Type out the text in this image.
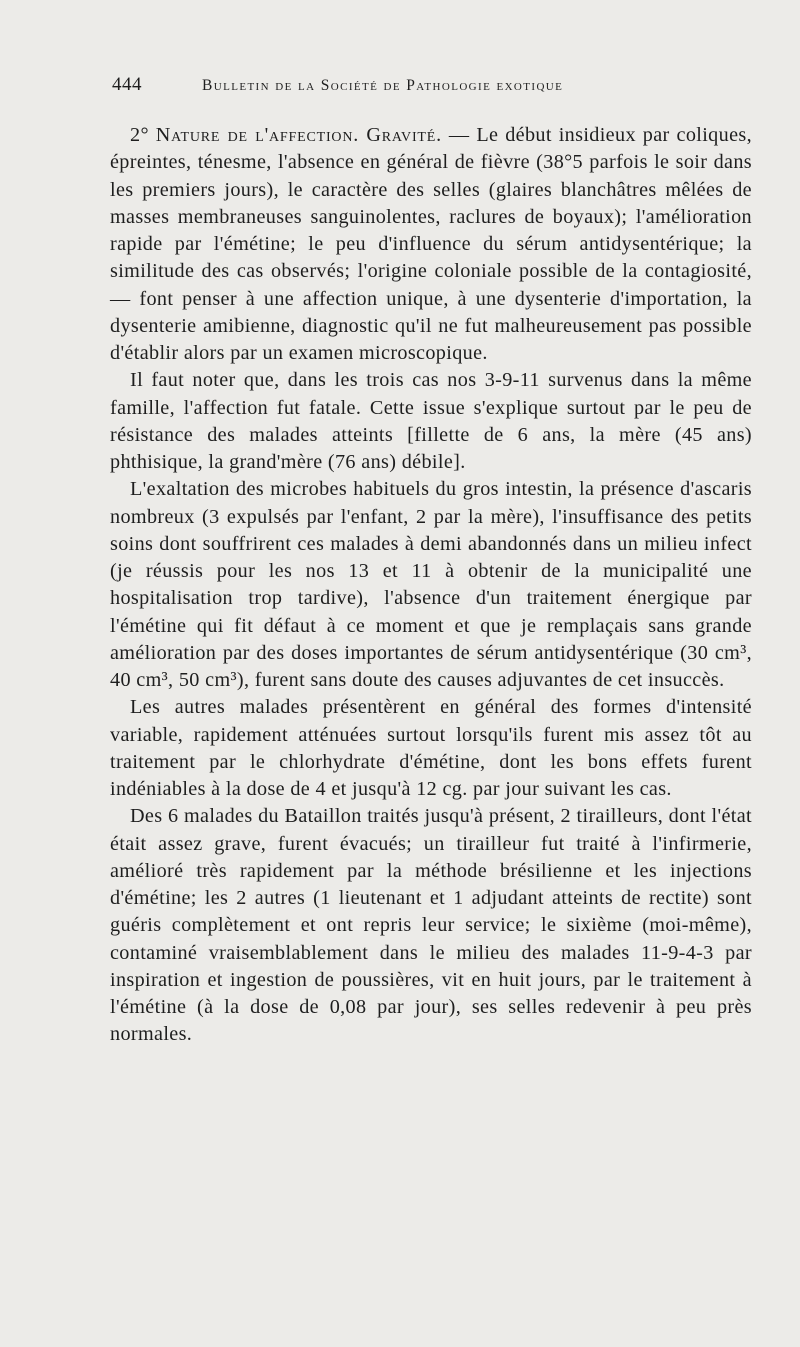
444	Bulletin de la Société de Pathologie exotique

2° Nature de l'affection. Gravité. — Le début insidieux par coliques, épreintes, ténesme, l'absence en général de fièvre (38°5 parfois le soir dans les premiers jours), le caractère des selles (glaires blanchâtres mêlées de masses membraneuses sanguinolentes, raclures de boyaux); l'amélioration rapide par l'émétine; le peu d'influence du sérum antidysentérique; la similitude des cas observés; l'origine coloniale possible de la contagiosité, — font penser à une affection unique, à une dysenterie d'importation, la dysenterie amibienne, diagnostic qu'il ne fut malheureusement pas possible d'établir alors par un examen microscopique.

Il faut noter que, dans les trois cas nos 3-9-11 survenus dans la même famille, l'affection fut fatale. Cette issue s'explique surtout par le peu de résistance des malades atteints [fillette de 6 ans, la mère (45 ans) phthisique, la grand'mère (76 ans) débile].

L'exaltation des microbes habituels du gros intestin, la présence d'ascaris nombreux (3 expulsés par l'enfant, 2 par la mère), l'insuffisance des petits soins dont souffrirent ces malades à demi abandonnés dans un milieu infect (je réussis pour les nos 13 et 11 à obtenir de la municipalité une hospitalisation trop tardive), l'absence d'un traitement énergique par l'émétine qui fit défaut à ce moment et que je remplaçais sans grande amélioration par des doses importantes de sérum antidysentérique (30 cm³, 40 cm³, 50 cm³), furent sans doute des causes adjuvantes de cet insuccès.

Les autres malades présentèrent en général des formes d'intensité variable, rapidement atténuées surtout lorsqu'ils furent mis assez tôt au traitement par le chlorhydrate d'émétine, dont les bons effets furent indéniables à la dose de 4 et jusqu'à 12 cg. par jour suivant les cas.

Des 6 malades du Bataillon traités jusqu'à présent, 2 tirailleurs, dont l'état était assez grave, furent évacués; un tirailleur fut traité à l'infirmerie, amélioré très rapidement par la méthode brésilienne et les injections d'émétine; les 2 autres (1 lieutenant et 1 adjudant atteints de rectite) sont guéris complètement et ont repris leur service; le sixième (moi-même), contaminé vraisemblablement dans le milieu des malades 11-9-4-3 par inspiration et ingestion de poussières, vit en huit jours, par le traitement à l'émétine (à la dose de 0,08 par jour), ses selles redevenir à peu près normales.
